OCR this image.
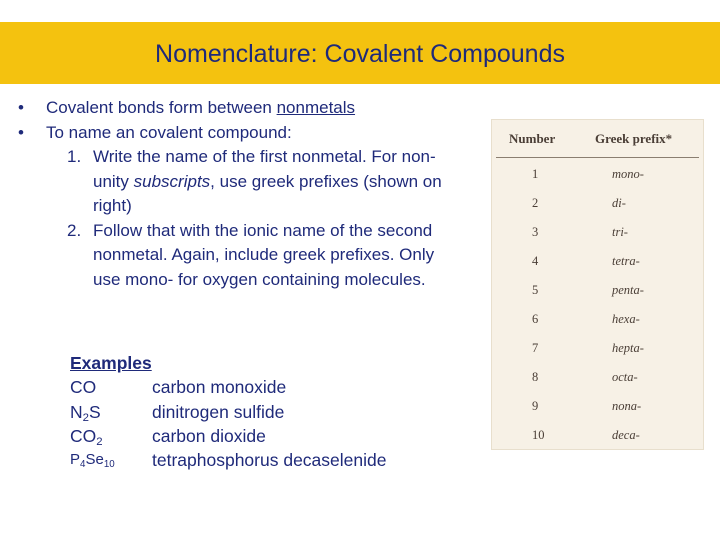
Nomenclature: Covalent Compounds
•	Covalent bonds form between nonmetals
•	To name an covalent compound:
1. Write the name of the first nonmetal. For non-unity subscripts, use greek prefixes (shown on right)
2. Follow that with the ionic name of the second nonmetal. Again, include greek prefixes. Only use mono- for oxygen containing molecules.
Examples
CO	carbon monoxide
$N_2S$	dinitrogen sulfide
$CO_2$	carbon dioxide
$P_4Se_{10}$	tetraphosphorus decaselenide
Number	Greek prefix*
1	mono-
2	di-
3	tri-
4	tetra-
5	penta-
6	hexa-
7	hepta-
8	octa-
9	nona-
10	deca-
